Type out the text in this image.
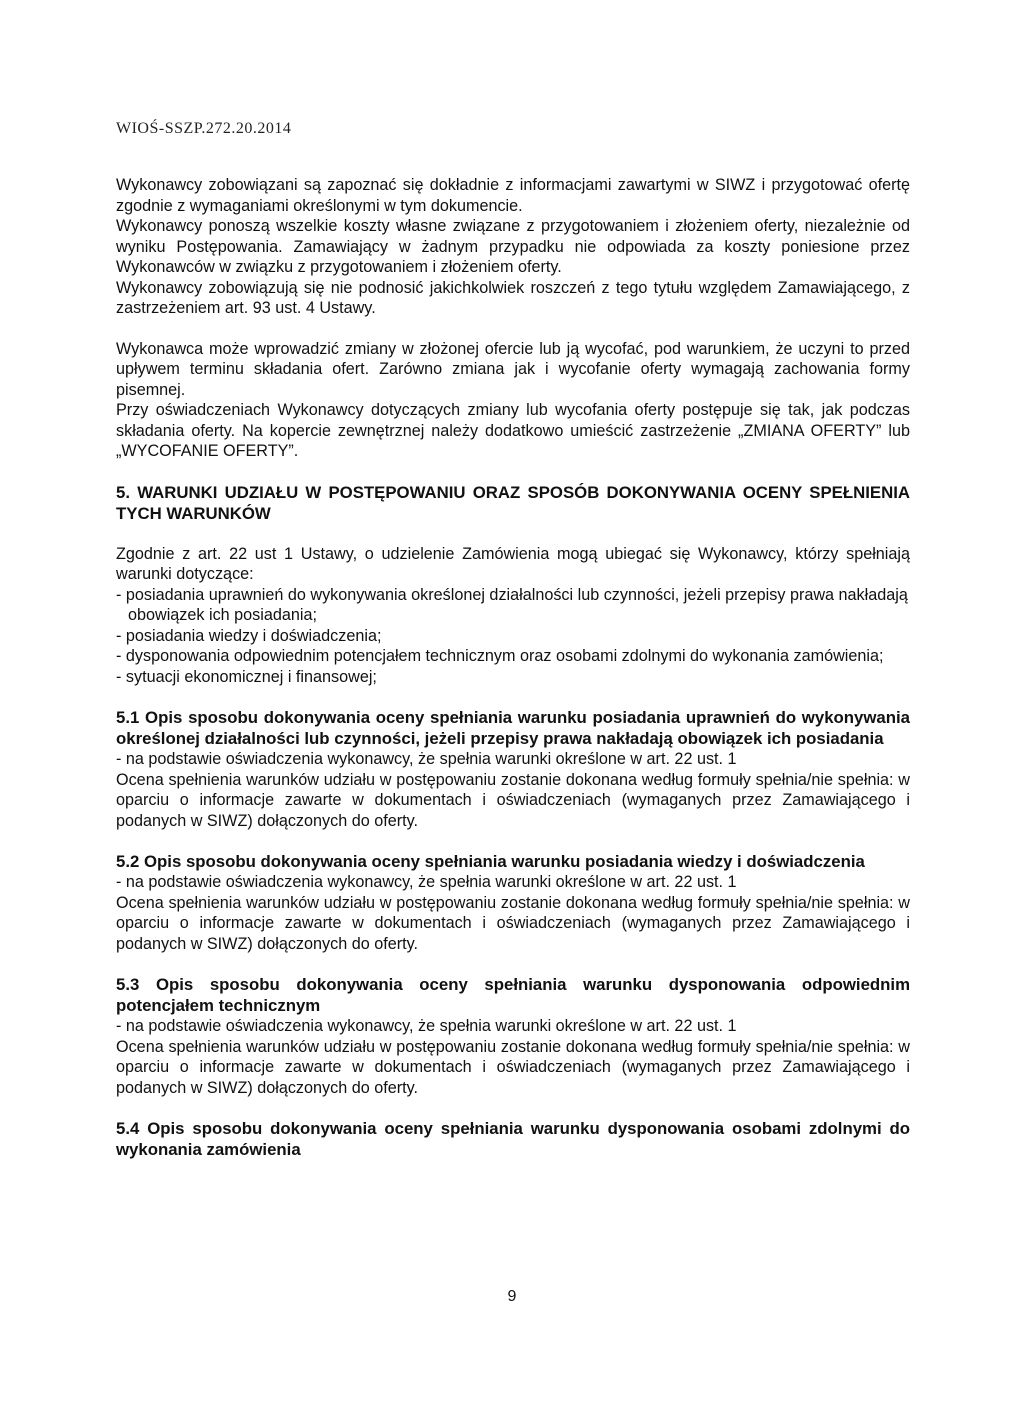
WIOŚ-SSZP.272.20.2014

Wykonawcy zobowiązani są zapoznać się dokładnie z informacjami zawartymi w SIWZ i przygotować ofertę zgodnie z wymaganiami określonymi w tym dokumencie.

Wykonawcy ponoszą wszelkie koszty własne związane z przygotowaniem i złożeniem oferty, niezależnie od wyniku Postępowania. Zamawiający w żadnym przypadku nie odpowiada za koszty poniesione przez Wykonawców w związku z przygotowaniem i złożeniem oferty.

Wykonawcy zobowiązują się nie podnosić jakichkolwiek roszczeń z tego tytułu względem Zamawiającego, z zastrzeżeniem art. 93 ust. 4 Ustawy.

Wykonawca może wprowadzić zmiany w złożonej ofercie lub ją wycofać, pod warunkiem, że uczyni to przed upływem terminu składania ofert. Zarówno zmiana jak i wycofanie oferty wymagają zachowania formy pisemnej.

Przy oświadczeniach Wykonawcy dotyczących zmiany lub wycofania oferty postępuje się tak, jak podczas składania oferty. Na kopercie zewnętrznej należy dodatkowo umieścić zastrzeżenie „ZMIANA OFERTY” lub „WYCOFANIE OFERTY”.

5. WARUNKI UDZIAŁU W POSTĘPOWANIU ORAZ SPOSÓB DOKONYWANIA OCENY SPEŁNIENIA TYCH WARUNKÓW

Zgodnie z art. 22 ust 1 Ustawy, o udzielenie Zamówienia mogą ubiegać się Wykonawcy, którzy spełniają warunki dotyczące:

- posiadania uprawnień do wykonywania określonej działalności lub czynności, jeżeli przepisy prawa nakładają obowiązek ich posiadania;
- posiadania wiedzy i doświadczenia;
- dysponowania odpowiednim potencjałem technicznym oraz osobami zdolnymi do wykonania zamówienia;
- sytuacji ekonomicznej i finansowej;
5.1 Opis sposobu dokonywania oceny spełniania warunku posiadania uprawnień do wykonywania określonej działalności lub czynności, jeżeli przepisy prawa nakładają obowiązek ich posiadania

- na podstawie oświadczenia wykonawcy, że spełnia warunki określone w art. 22 ust. 1

Ocena spełnienia warunków udziału w postępowaniu zostanie dokonana według formuły spełnia/nie spełnia: w oparciu o informacje zawarte w dokumentach i oświadczeniach (wymaganych przez Zamawiającego i podanych w SIWZ) dołączonych do oferty.

5.2 Opis sposobu dokonywania oceny spełniania warunku posiadania wiedzy i doświadczenia

- na podstawie oświadczenia wykonawcy, że spełnia warunki określone w art. 22 ust. 1

Ocena spełnienia warunków udziału w postępowaniu zostanie dokonana według formuły spełnia/nie spełnia: w oparciu o informacje zawarte w dokumentach i oświadczeniach (wymaganych przez Zamawiającego i podanych w SIWZ) dołączonych do oferty.

5.3 Opis sposobu dokonywania oceny spełniania warunku dysponowania odpowiednim potencjałem technicznym

- na podstawie oświadczenia wykonawcy, że spełnia warunki określone w art. 22 ust. 1

Ocena spełnienia warunków udziału w postępowaniu zostanie dokonana według formuły spełnia/nie spełnia: w oparciu o informacje zawarte w dokumentach i oświadczeniach (wymaganych przez Zamawiającego i podanych w SIWZ) dołączonych do oferty.

5.4 Opis sposobu dokonywania oceny spełniania warunku dysponowania osobami zdolnymi do wykonania zamówienia
9
